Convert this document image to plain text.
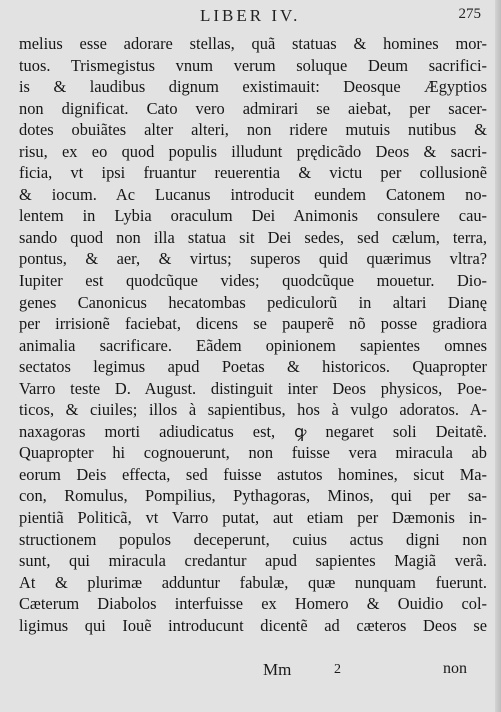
LIBER IV.	275
melius esse adorare stellas, quã statuas & homines mor-
tuos. Trismegistus vnum verum soluque Deum sacrifici-
is & laudibus dignum existimauit: Deosque Ægyptios
non dignificat. Cato vero admirari se aiebat, per sacer-
dotes obuiãtes alter alteri, non ridere mutuis nutibus &
risu, ex eo quod populis illudunt prędicãdo Deos & sacri-
ficia, vt ipsi fruantur reuerentia & victu per collusionẽ
& iocum. Ac Lucanus introducit eundem Catonem no-
lentem in Lybia oraculum Dei Animonis consulere cau-
sando quod non illa statua sit Dei sedes, sed cælum, terra,
pontus, & aer, & virtus; superos quid quærimus vltra?
Iupiter est quodcũque vides; quodcũque mouetur. Dio-
genes Canonicus hecatombas pediculorũ in altari Dianę
per irrisionẽ faciebat, dicens se pauperẽ nõ posse gradiora
animalia sacrificare. Eãdem opinionem sapientes omnes
sectatos legimus apud Poetas & historicos. Quapropter
Varro teste D. August. distinguit inter Deos physicos, Poe-
ticos, & ciuiles; illos à sapientibus, hos à vulgo adoratos. A-
naxagoras morti adiudicatus est, ꝙ negaret soli Deitatẽ.
Quapropter hi cognouerunt, non fuisse vera miracula ab
eorum Deis effecta, sed fuisse astutos homines, sicut Ma-
con, Romulus, Pompilius, Pythagoras, Minos, qui per sa-
pientiã Politicã, vt Varro putat, aut etiam per Dæmonis in-
structionem populos deceperunt, cuius actus digni non
sunt, qui miracula credantur apud sapientes Magiã verã.
At & plurimæ adduntur fabulæ, quæ nunquam fuerunt.
Cæterum Diabolos interfuisse ex Homero & Ouidio col-
ligimus qui Iouẽ introducunt dicentẽ ad cæteros Deos se
Mm	2	non
